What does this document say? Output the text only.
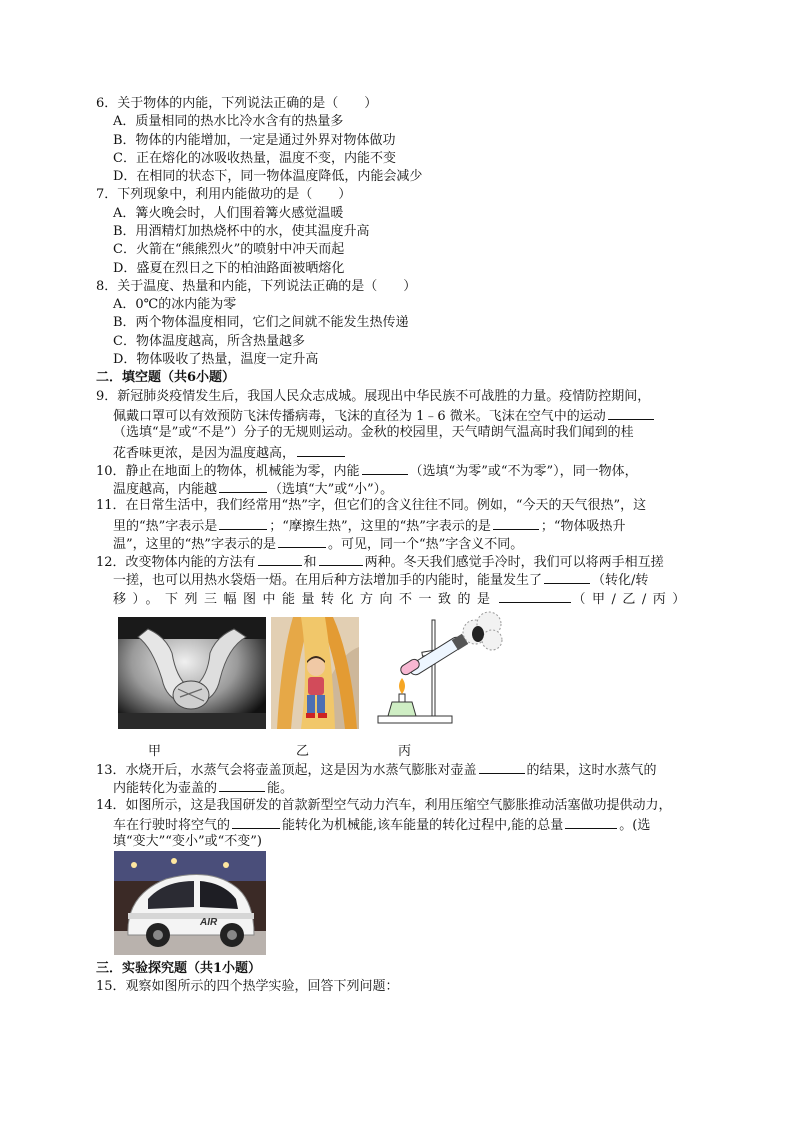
6．关于物体的内能，下列说法正确的是（　　）
A．质量相同的热水比冷水含有的热量多
B．物体的内能增加，一定是通过外界对物体做功
C．正在熔化的冰吸收热量，温度不变，内能不变
D．在相同的状态下，同一物体温度降低，内能会减少
7．下列现象中，利用内能做功的是（　　）
A．篝火晚会时，人们围着篝火感觉温暖
B．用酒精灯加热烧杯中的水，使其温度升高
C．火箭在“熊熊烈火”的喷射中冲天而起
D．盛夏在烈日之下的柏油路面被晒熔化
8．关于温度、热量和内能，下列说法正确的是（　　）
A．0℃的冰内能为零
B．两个物体温度相同，它们之间就不能发生热传递
C．物体温度越高，所含热量越多
D．物体吸收了热量，温度一定升高
二．填空题（共6小题）
9．新冠肺炎疫情发生后，我国人民众志成城。展现出中华民族不可战胜的力量。疫情防控期间，
佩戴口罩可以有效预防飞沫传播病毒，飞沫的直径为 1﹣6 微米。飞沫在空气中的运动
（选填“是”或“不是”）分子的无规则运动。金秋的校园里，天气晴朗气温高时我们闻到的桂
花香味更浓，是因为温度越高，
10．静止在地面上的物体，机械能为零，内能	（选填“为零”或“不为零”），同一物体，
温度越高，内能越	（选填“大”或“小”）。
11．在日常生活中，我们经常用“热”字，但它们的含义往往不同。例如，“今天的天气很热”，这
里的“热”字表示是	；“摩擦生热”，这里的“热”字表示的是	；“物体吸热升
温”，这里的“热”字表示的是	。可见，同一个“热”字含义不同。
12．改变物体内能的方法有	和	两种。冬天我们感觉手冷时，我们可以将两手相互搓
一搓，也可以用热水袋焐一焐。在用后种方法增加手的内能时，能量发生了	（转化/转
移）。下列三幅图中能量转化方向不一致的是	（甲/乙/丙）
甲	乙	丙
13．水烧开后，水蒸气会将壶盖顶起，这是因为水蒸气膨胀对壶盖	的结果，这时水蒸气的
内能转化为壶盖的	能。
14．如图所示，这是我国研发的首款新型空气动力汽车，利用压缩空气膨胀推动活塞做功提供动力，
车在行驶时将空气的	能转化为机械能,该车能量的转化过程中,能的总量	。(选
填“变大”“变小”或“不变”)
AIR
三．实验探究题（共1小题）
15．观察如图所示的四个热学实验，回答下列问题：
